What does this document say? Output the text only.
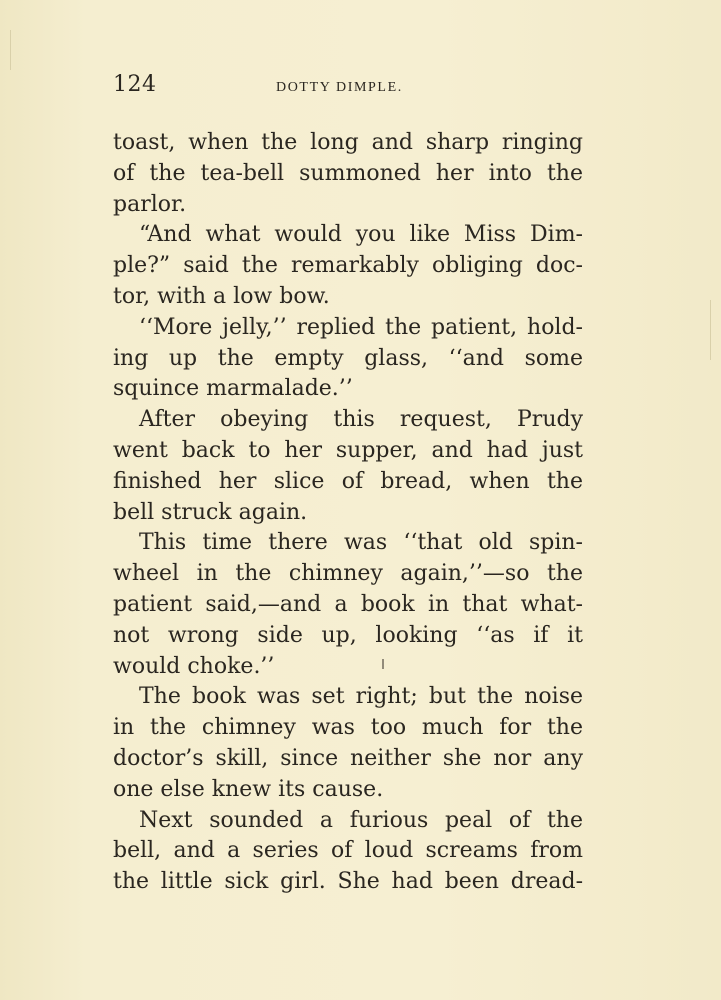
124	DOTTY DIMPLE.
toast, when the long and sharp ringing
of the tea-bell summoned her into the
parlor.
“And what would you like Miss Dim-
ple?” said the remarkably obliging doc-
tor, with a low bow.
‘‘More jelly,’’ replied the patient, hold-
ing up the empty glass, ‘‘and some
squince marmalade.’’
After obeying this request, Prudy
went back to her supper, and had just
finished her slice of bread, when the
bell struck again.
This time there was ‘‘that old spin-
wheel in the chimney again,’’—so the
patient said,—and a book in that what-
not wrong side up, looking ‘‘as if it
would choke.’’
The book was set right; but the noise
in the chimney was too much for the
doctor’s skill, since neither she nor any
one else knew its cause.
Next sounded a furious peal of the
bell, and a series of loud screams from
the little sick girl. She had been dread-
